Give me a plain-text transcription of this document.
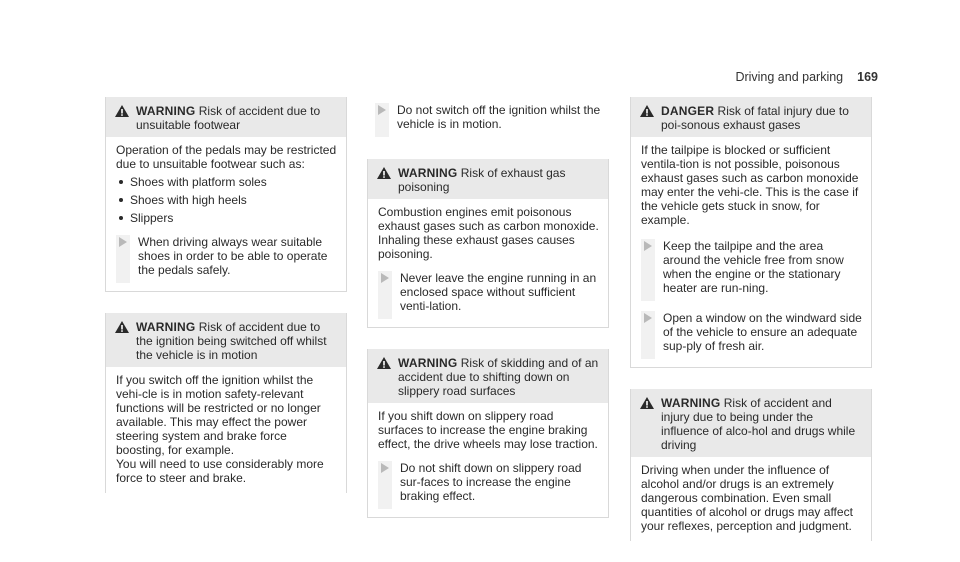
Driving and parking 169
WARNING Risk of accident due to unsuitable footwear

Operation of the pedals may be restricted due to unsuitable footwear such as:

Shoes with platform soles
Shoes with high heels
Slippers
When driving always wear suitable shoes in order to be able to operate the pedals safely.
WARNING Risk of accident due to the ignition being switched off whilst the vehicle is in motion

If you switch off the ignition whilst the vehi-cle is in motion safety-relevant functions will be restricted or no longer available. This may effect the power steering system and brake force boosting, for example.

You will need to use considerably more force to steer and brake.

Do not switch off the ignition whilst the vehicle is in motion.
WARNING Risk of exhaust gas poisoning

Combustion engines emit poisonous exhaust gases such as carbon monoxide. Inhaling these exhaust gases causes poisoning.

Never leave the engine running in an enclosed space without sufficient venti-lation.
WARNING Risk of skidding and of an accident due to shifting down on slippery road surfaces

If you shift down on slippery road surfaces to increase the engine braking effect, the drive wheels may lose traction.

Do not shift down on slippery road sur-faces to increase the engine braking effect.
DANGER Risk of fatal injury due to poi-sonous exhaust gases

If the tailpipe is blocked or sufficient ventila-tion is not possible, poisonous exhaust gases such as carbon monoxide may enter the vehi-cle. This is the case if the vehicle gets stuck in snow, for example.

Keep the tailpipe and the area around the vehicle free from snow when the engine or the stationary heater are run-ning.
Open a window on the windward side of the vehicle to ensure an adequate sup-ply of fresh air.
WARNING Risk of accident and injury due to being under the influence of alco-hol and drugs while driving

Driving when under the influence of alcohol and/or drugs is an extremely dangerous combination. Even small quantities of alcohol or drugs may affect your reflexes, perception and judgment.
